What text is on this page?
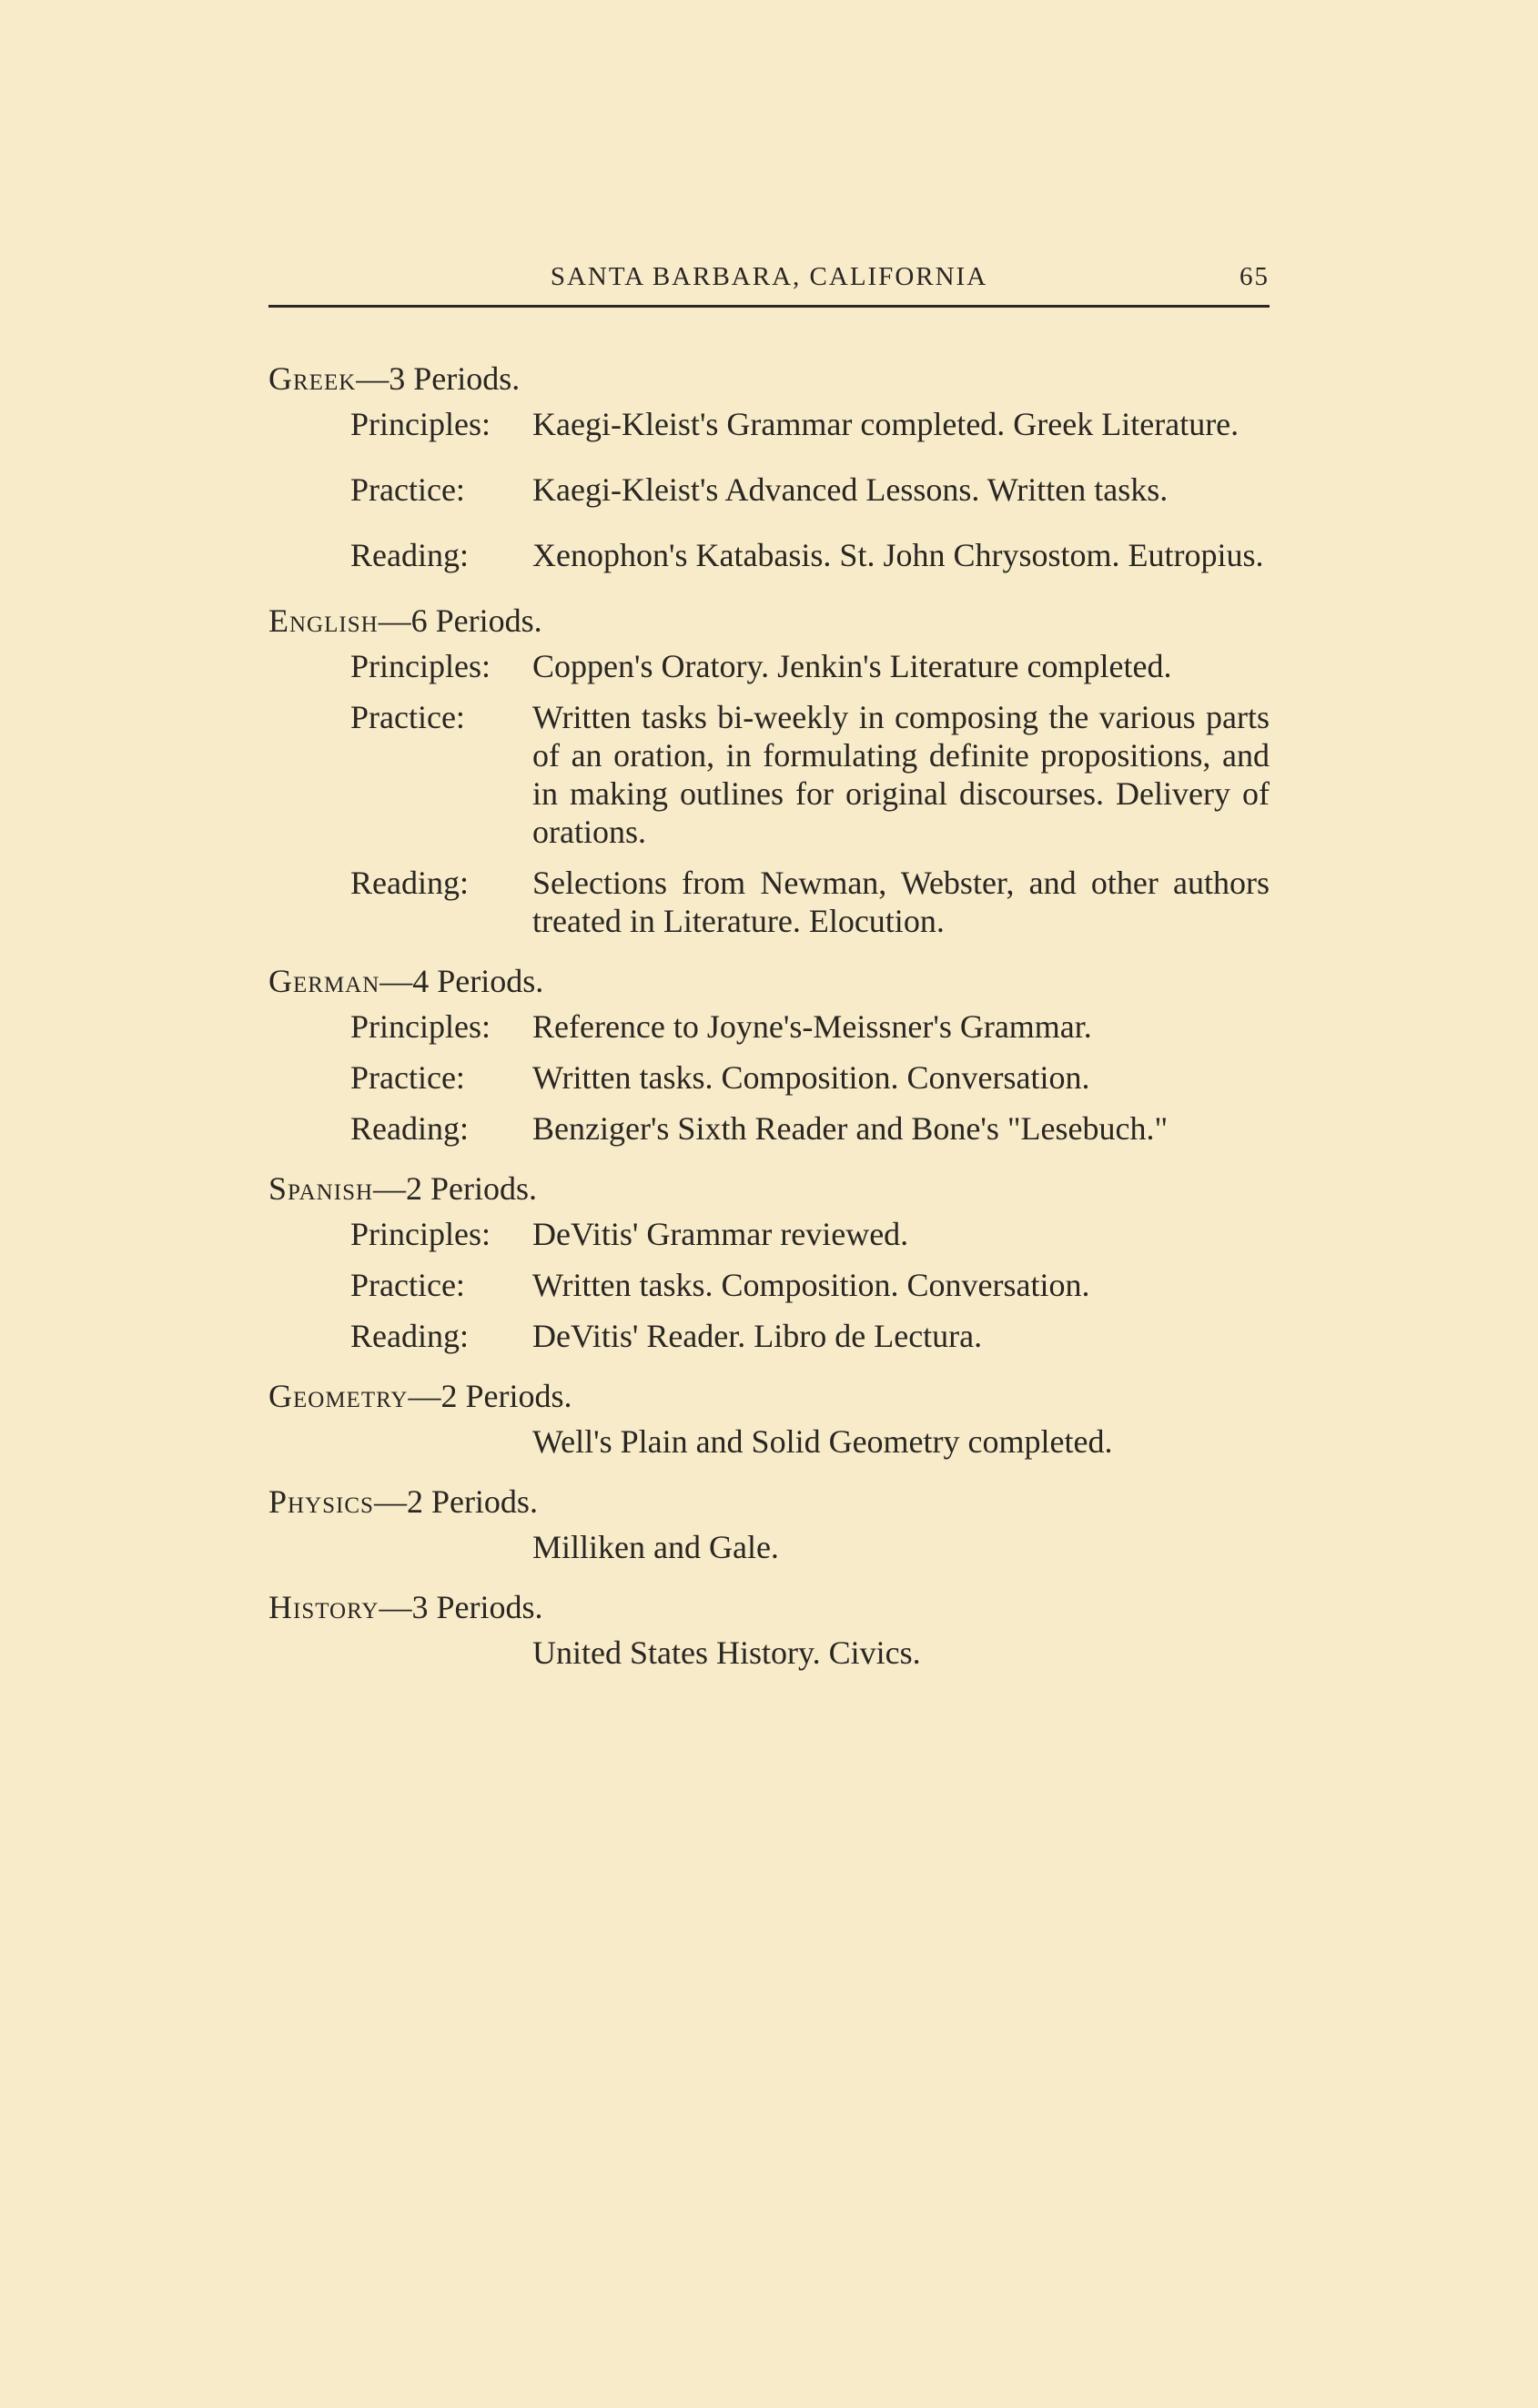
SANTA BARBARA, CALIFORNIA	65
Greek—3 Periods.
Principles:	Kaegi-Kleist's Grammar completed. Greek Literature.
Practice:	Kaegi-Kleist's Advanced Lessons. Written tasks.
Reading:	Xenophon's Katabasis. St. John Chrysostom. Eutropius.
English—6 Periods.
Principles:	Coppen's Oratory. Jenkin's Literature completed.
Practice:	Written tasks bi-weekly in composing the various parts of an oration, in formulating definite propositions, and in making outlines for original discourses. Delivery of orations.
Reading:	Selections from Newman, Webster, and other authors treated in Literature. Elocution.
German—4 Periods.
Principles:	Reference to Joyne's-Meissner's Grammar.
Practice:	Written tasks. Composition. Conversation.
Reading:	Benziger's Sixth Reader and Bone's "Lesebuch."
Spanish—2 Periods.
Principles:	DeVitis' Grammar reviewed.
Practice:	Written tasks. Composition. Conversation.
Reading:	DeVitis' Reader. Libro de Lectura.
Geometry—2 Periods.
Well's Plain and Solid Geometry completed.
Physics—2 Periods.
Milliken and Gale.
History—3 Periods.
United States History. Civics.
